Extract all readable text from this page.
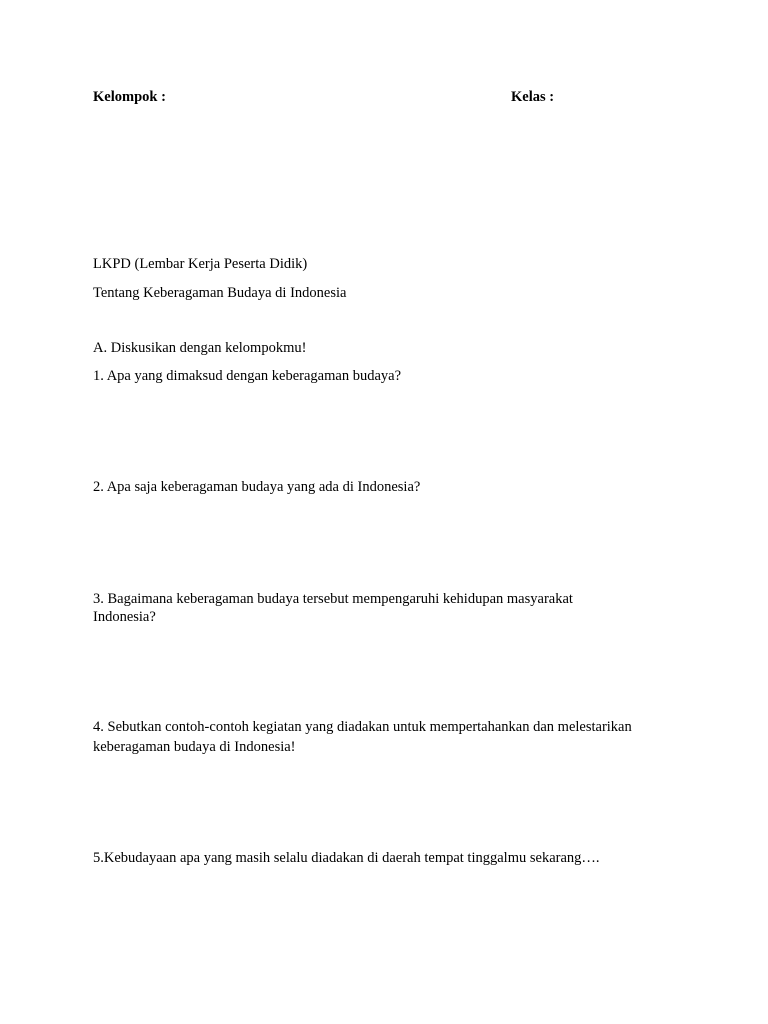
Kelompok :	Kelas :

LKPD (Lembar Kerja Peserta Didik)

Tentang Keberagaman Budaya di Indonesia

A. Diskusikan dengan kelompokmu!

1. Apa yang dimaksud dengan keberagaman budaya?

2. Apa saja keberagaman budaya yang ada di Indonesia?

3. Bagaimana keberagaman budaya tersebut mempengaruhi kehidupan masyarakat

Indonesia?

4. Sebutkan contoh-contoh kegiatan yang diadakan untuk mempertahankan dan melestarikan

keberagaman budaya di Indonesia!

5.Kebudayaan apa yang masih selalu diadakan di daerah tempat tinggalmu sekarang….
